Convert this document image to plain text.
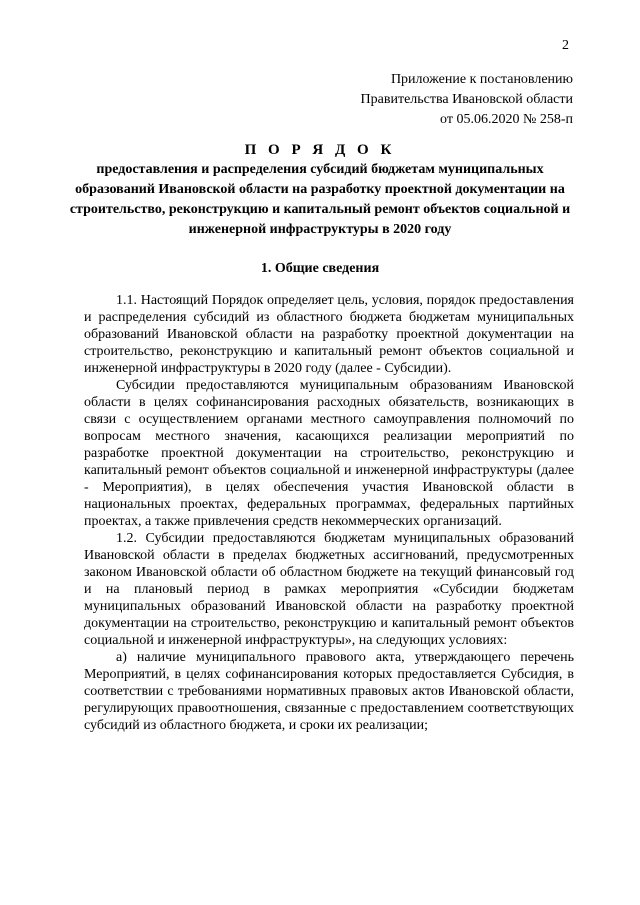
2
Приложение к постановлению
Правительства Ивановской области
от 05.06.2020 № 258-п
П О Р Я Д О К
предоставления и распределения субсидий бюджетам муниципальных образований Ивановской области на разработку проектной документации на строительство, реконструкцию и капитальный ремонт объектов социальной и инженерной инфраструктуры в 2020 году
1. Общие сведения

1.1. Настоящий Порядок определяет цель, условия, порядок предоставления и распределения субсидий из областного бюджета бюджетам муниципальных образований Ивановской области на разработку проектной документации на строительство, реконструкцию и капитальный ремонт объектов социальной и инженерной инфраструктуры в 2020 году (далее - Субсидии).

Субсидии предоставляются муниципальным образованиям Ивановской области в целях софинансирования расходных обязательств, возникающих в связи с осуществлением органами местного самоуправления полномочий по вопросам местного значения, касающихся реализации мероприятий по разработке проектной документации на строительство, реконструкцию и капитальный ремонт объектов социальной и инженерной инфраструктуры (далее - Мероприятия), в целях обеспечения участия Ивановской области в национальных проектах, федеральных программах, федеральных партийных проектах, а также привлечения средств некоммерческих организаций.

1.2. Субсидии предоставляются бюджетам муниципальных образований Ивановской области в пределах бюджетных ассигнований, предусмотренных законом Ивановской области об областном бюджете на текущий финансовый год и на плановый период в рамках мероприятия «Субсидии бюджетам муниципальных образований Ивановской области на разработку проектной документации на строительство, реконструкцию и капитальный ремонт объектов социальной и инженерной инфраструктуры», на следующих условиях:

а) наличие муниципального правового акта, утверждающего перечень Мероприятий, в целях софинансирования которых предоставляется Субсидия, в соответствии с требованиями нормативных правовых актов Ивановской области, регулирующих правоотношения, связанные с предоставлением соответствующих субсидий из областного бюджета, и сроки их реализации;
